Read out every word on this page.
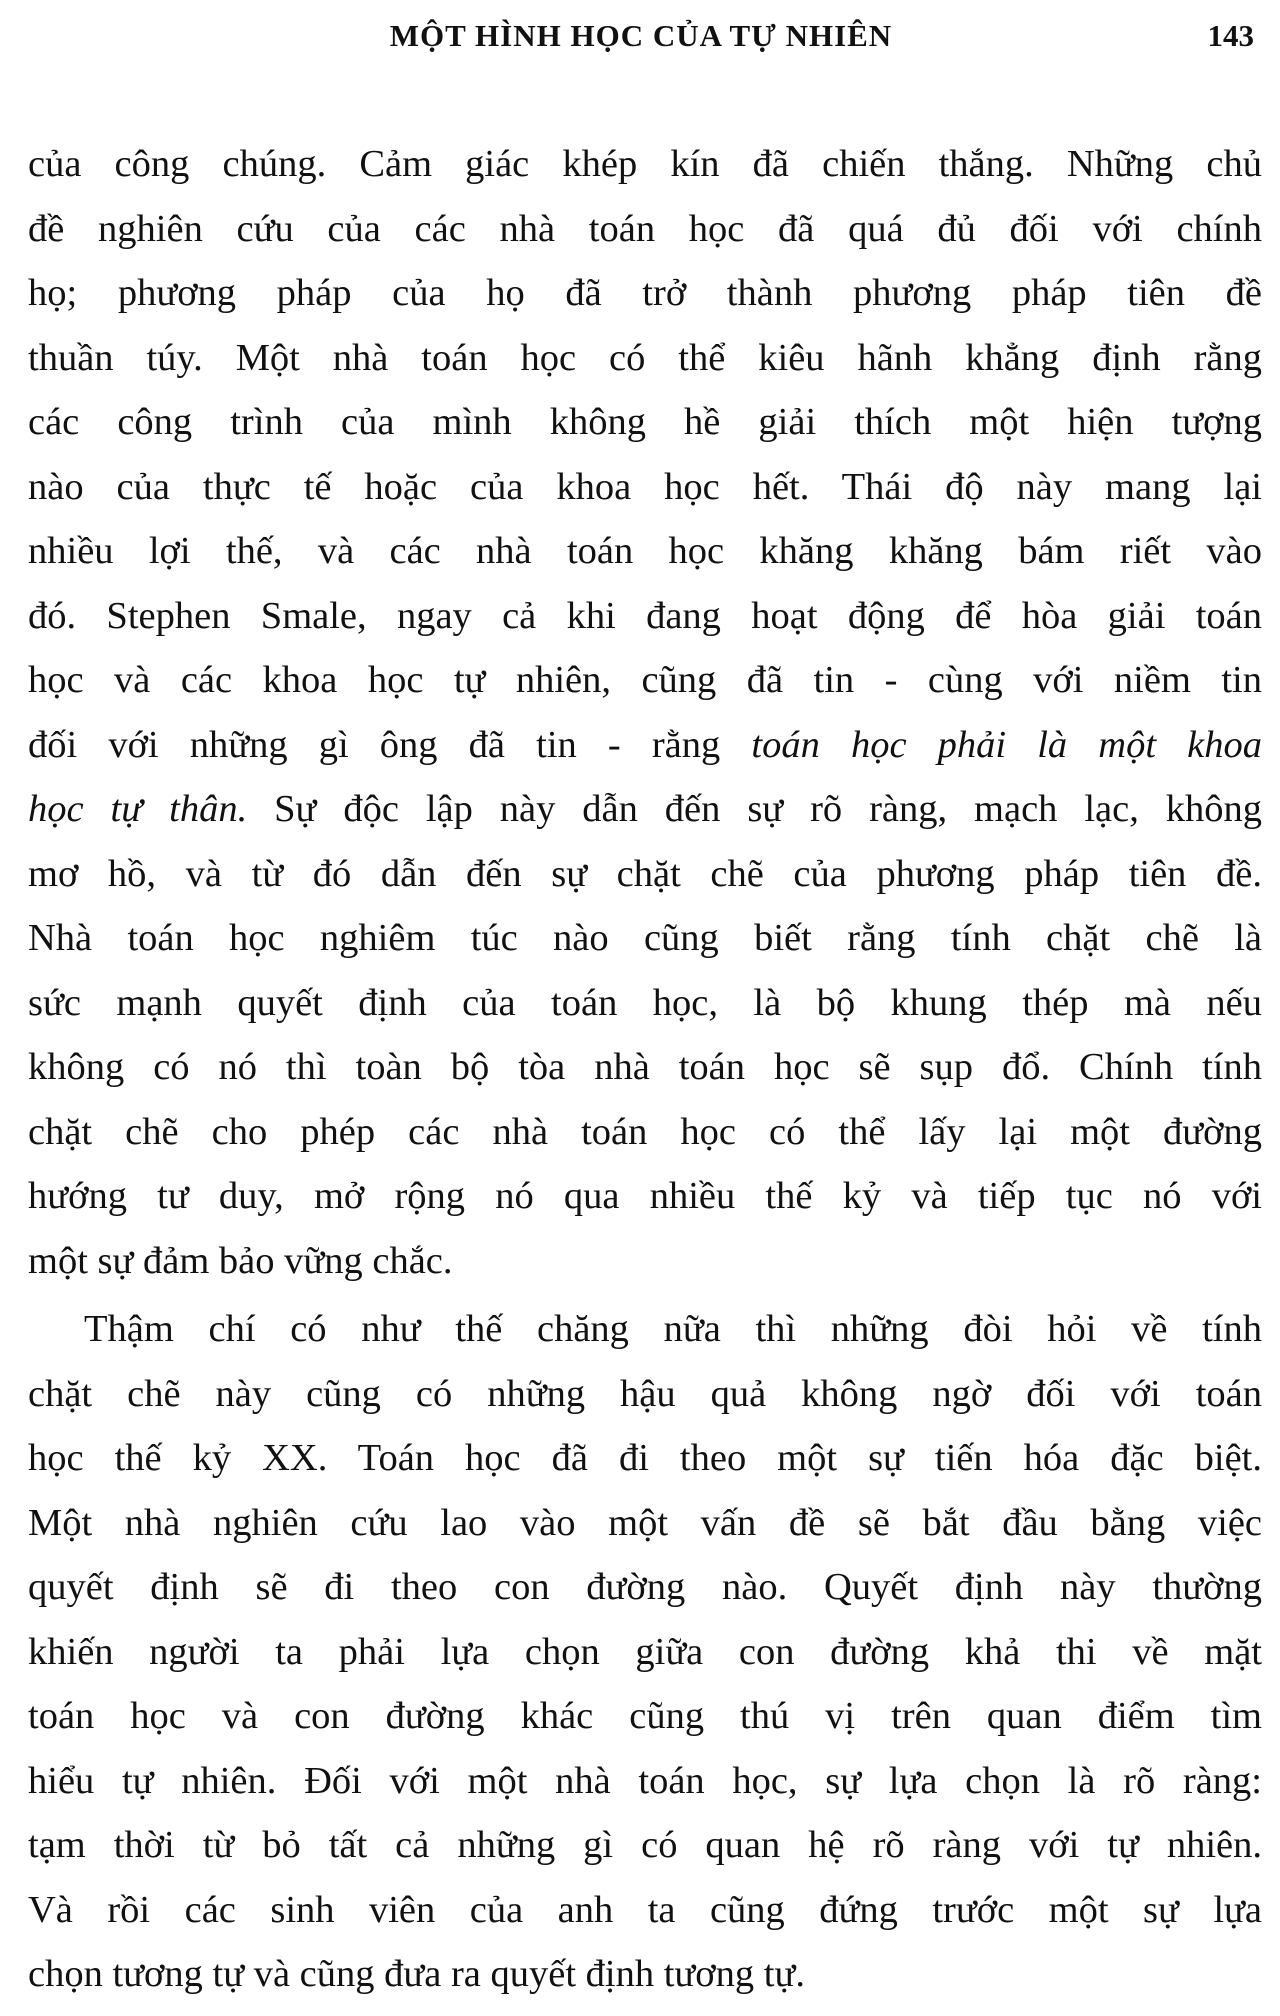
MỘT HÌNH HỌC CỦA TỰ NHIÊN	143
của công chúng. Cảm giác khép kín đã chiến thắng. Những chủ
đề nghiên cứu của các nhà toán học đã quá đủ đối với chính
họ; phương pháp của họ đã trở thành phương pháp tiên đề
thuần túy. Một nhà toán học có thể kiêu hãnh khẳng định rằng
các công trình của mình không hề giải thích một hiện tượng
nào của thực tế hoặc của khoa học hết. Thái độ này mang lại
nhiều lợi thế, và các nhà toán học khăng khăng bám riết vào
đó. Stephen Smale, ngay cả khi đang hoạt động để hòa giải toán
học và các khoa học tự nhiên, cũng đã tin - cùng với niềm tin
đối với những gì ông đã tin - rằng toán học phải là một khoa
học tự thân. Sự độc lập này dẫn đến sự rõ ràng, mạch lạc, không
mơ hồ, và từ đó dẫn đến sự chặt chẽ của phương pháp tiên đề.
Nhà toán học nghiêm túc nào cũng biết rằng tính chặt chẽ là
sức mạnh quyết định của toán học, là bộ khung thép mà nếu
không có nó thì toàn bộ tòa nhà toán học sẽ sụp đổ. Chính tính
chặt chẽ cho phép các nhà toán học có thể lấy lại một đường
hướng tư duy, mở rộng nó qua nhiều thế kỷ và tiếp tục nó với
một sự đảm bảo vững chắc.
Thậm chí có như thế chăng nữa thì những đòi hỏi về tính
chặt chẽ này cũng có những hậu quả không ngờ đối với toán
học thế kỷ XX. Toán học đã đi theo một sự tiến hóa đặc biệt.
Một nhà nghiên cứu lao vào một vấn đề sẽ bắt đầu bằng việc
quyết định sẽ đi theo con đường nào. Quyết định này thường
khiến người ta phải lựa chọn giữa con đường khả thi về mặt
toán học và con đường khác cũng thú vị trên quan điểm tìm
hiểu tự nhiên. Đối với một nhà toán học, sự lựa chọn là rõ ràng:
tạm thời từ bỏ tất cả những gì có quan hệ rõ ràng với tự nhiên.
Và rồi các sinh viên của anh ta cũng đứng trước một sự lựa
chọn tương tự và cũng đưa ra quyết định tương tự.
